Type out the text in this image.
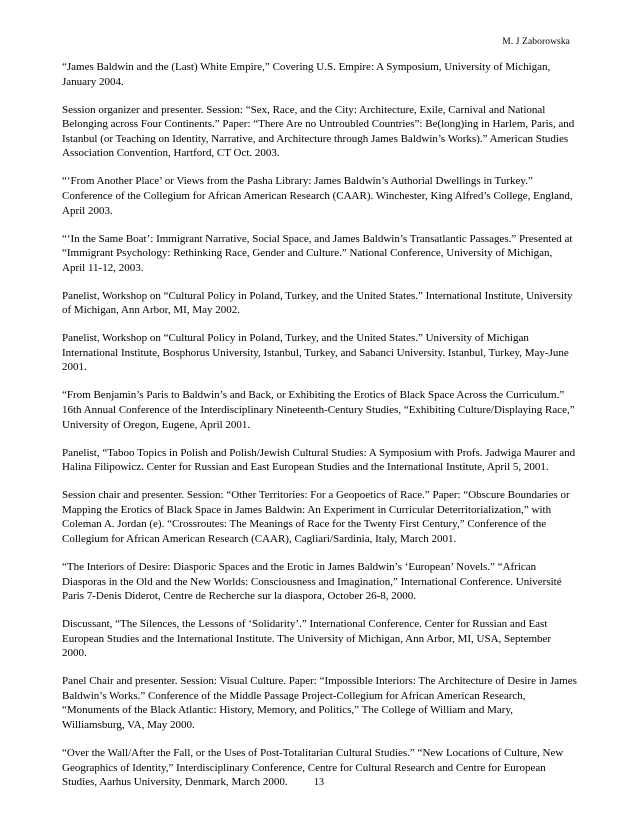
M. J Zaborowska

“James Baldwin and the (Last) White Empire,” Covering U.S. Empire: A Symposium, University of Michigan, January 2004.

Session organizer and presenter. Session: “Sex, Race, and the City: Architecture, Exile, Carnival and National Belonging across Four Continents.” Paper: “There Are no Untroubled Countries”: Be(long)ing in Harlem, Paris, and Istanbul (or Teaching on Identity, Narrative, and Architecture through James Baldwin’s Works).” American Studies Association Convention, Hartford, CT Oct. 2003.

“‘From Another Place’ or Views from the Pasha Library: James Baldwin’s Authorial Dwellings in Turkey.” Conference of the Collegium for African American Research (CAAR). Winchester, King Alfred’s College, England, April 2003.

“‘In the Same Boat’: Immigrant Narrative, Social Space, and James Baldwin’s Transatlantic Passages.” Presented at “Immigrant Psychology: Rethinking Race, Gender and Culture.” National Conference, University of Michigan, April 11-12, 2003.

Panelist, Workshop on “Cultural Policy in Poland, Turkey, and the United States.” International Institute, University of Michigan, Ann Arbor, MI, May 2002.

Panelist, Workshop on “Cultural Policy in Poland, Turkey, and the United States.” University of Michigan International Institute, Bosphorus University, Istanbul, Turkey, and Sabanci University. Istanbul, Turkey, May-June 2001.

“From Benjamin’s Paris to Baldwin’s and Back, or Exhibiting the Erotics of Black Space Across the Curriculum.” 16th Annual Conference of the Interdisciplinary Nineteenth-Century Studies, “Exhibiting Culture/Displaying Race,” University of Oregon, Eugene, April 2001.

Panelist, “Taboo Topics in Polish and Polish/Jewish Cultural Studies: A Symposium with Profs. Jadwiga Maurer and Halina Filipowicz. Center for Russian and East European Studies and the International Institute, April 5, 2001.

Session chair and presenter. Session: “Other Territories: For a Geopoetics of Race.” Paper: “Obscure Boundaries or Mapping the Erotics of Black Space in James Baldwin: An Experiment in Curricular Deterritorialization,” with Coleman A. Jordan (e). “Crossroutes: The Meanings of Race for the Twenty First Century,” Conference of the Collegium for African American Research (CAAR), Cagliari/Sardinia, Italy, March 2001.

“The Interiors of Desire: Diasporic Spaces and the Erotic in James Baldwin’s ‘European’ Novels.” “African Diasporas in the Old and the New Worlds: Consciousness and Imagination,” International Conference. Université Paris 7-Denis Diderot, Centre de Recherche sur la diaspora, October 26-8, 2000.

Discussant, “The Silences, the Lessons of ‘Solidarity’.” International Conference. Center for Russian and East European Studies and the International Institute. The University of Michigan, Ann Arbor, MI, USA, September 2000.

Panel Chair and presenter. Session: Visual Culture. Paper: “Impossible Interiors: The Architecture of Desire in James Baldwin’s Works.” Conference of the Middle Passage Project-Collegium for African American Research, “Monuments of the Black Atlantic: History, Memory, and Politics,” The College of William and Mary, Williamsburg, VA, May 2000.

“Over the Wall/After the Fall, or the Uses of Post-Totalitarian Cultural Studies.” “New Locations of Culture, New Geographics of Identity,” Interdisciplinary Conference, Centre for Cultural Research and Centre for European Studies, Aarhus University, Denmark, March 2000.	13
